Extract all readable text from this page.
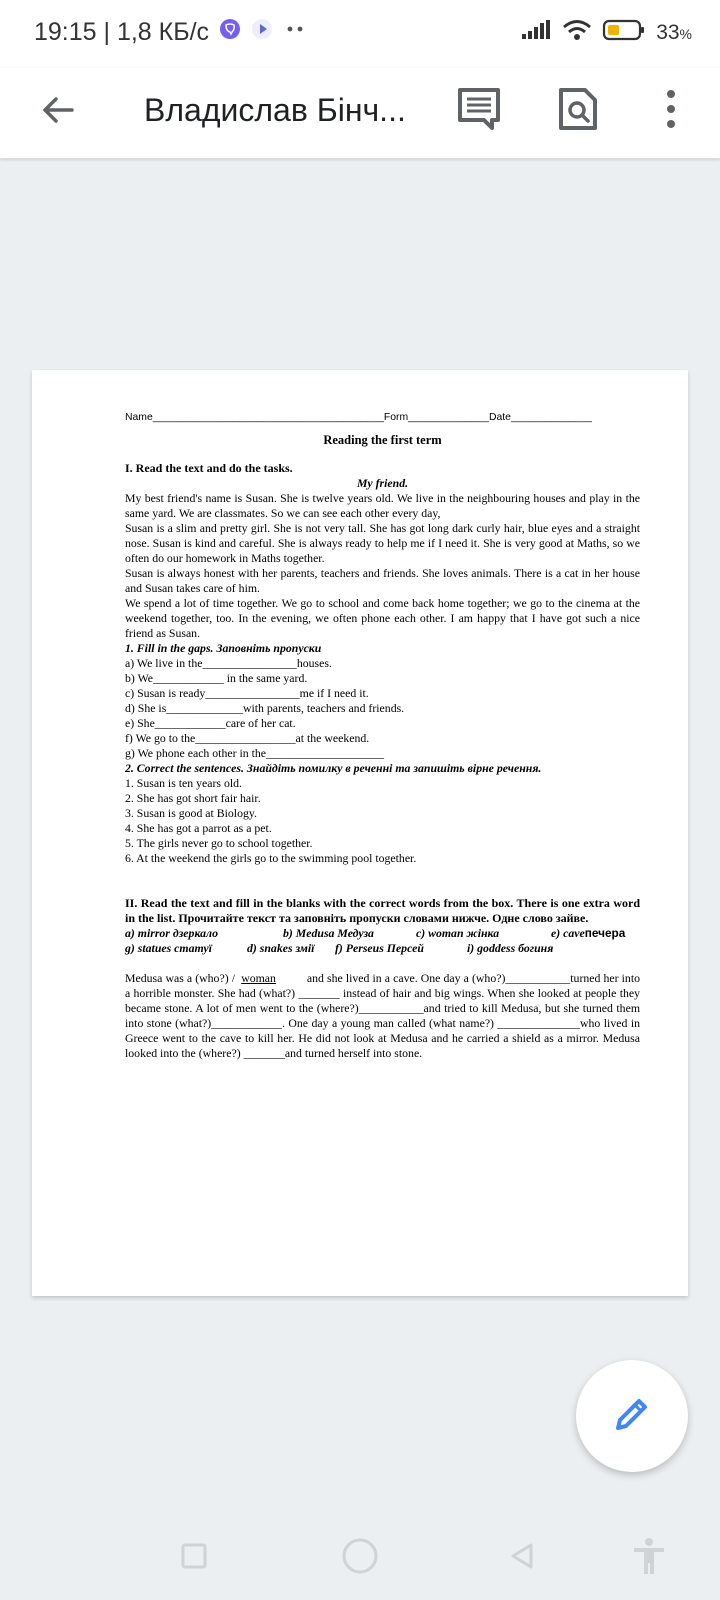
19:15 | 1,8 КБ/с	33%
Владислав Бінч...

Name________________________________________Form______________Date______________

Reading the first term

I. Read the text and do the tasks.

My friend.

My best friend's name is Susan. She is twelve years old. We live in the neighbouring houses and play in the same yard. We are classmates. So we can see each other every day,

Susan is a slim and pretty girl. She is not very tall. She has got long dark curly hair, blue eyes and a straight nose. Susan is kind and careful. She is always ready to help me if I need it. She is very good at Maths, so we often do our homework in Maths together.

Susan is always honest with her parents, teachers and friends. She loves animals. There is a cat in her house and Susan takes care of him.

We spend a lot of time together. We go to school and come back home together; we go to the cinema at the weekend together, too. In the evening, we often phone each other. I am happy that I have got such a nice friend as Susan.

1. Fill in the gaps. Заповніть пропуски

a) We live in the________________houses.

b) We____________ in the same yard.

c) Susan is ready________________me if I need it.

d) She is_____________with parents, teachers and friends.

e) She____________care of her cat.

f) We go to the_________________at the weekend.

g) We phone each other in the____________________

2. Correct the sentences. Знайдіть помилку в реченні та запишіть вірне речення.

1. Susan is ten years old.

2. She has got short fair hair.

3. Susan is good at Biology.

4. She has got a parrot as a pet.

5. The girls never go to school together.

6. At the weekend the girls go to the swimming pool together.

II. Read the text and fill in the blanks with the correct words from the box. There is one extra word in the list. Прочитайте текст та заповніть пропуски словами нижче. Одне слово зайве.

a) mirror дзеркало	b) Medusa Медуза	c) woman жінка	e) cave печера
g) statues статуї	d) snakes змії	f) Perseus Персей	i) goddess богиня

Medusa was a (who?) / woman	and she lived in a cave. One day a (who?)___________turned her into a horrible monster. She had (what?) _______ instead of hair and big wings. When she looked at people they became stone. A lot of men went to the (where?)___________and tried to kill Medusa, but she turned them into stone (what?)____________. One day a young man called (what name?) ______________who lived in Greece went to the cave to kill her. He did not look at Medusa and he carried a shield as a mirror. Medusa looked into the (where?) _______and turned herself into stone.
